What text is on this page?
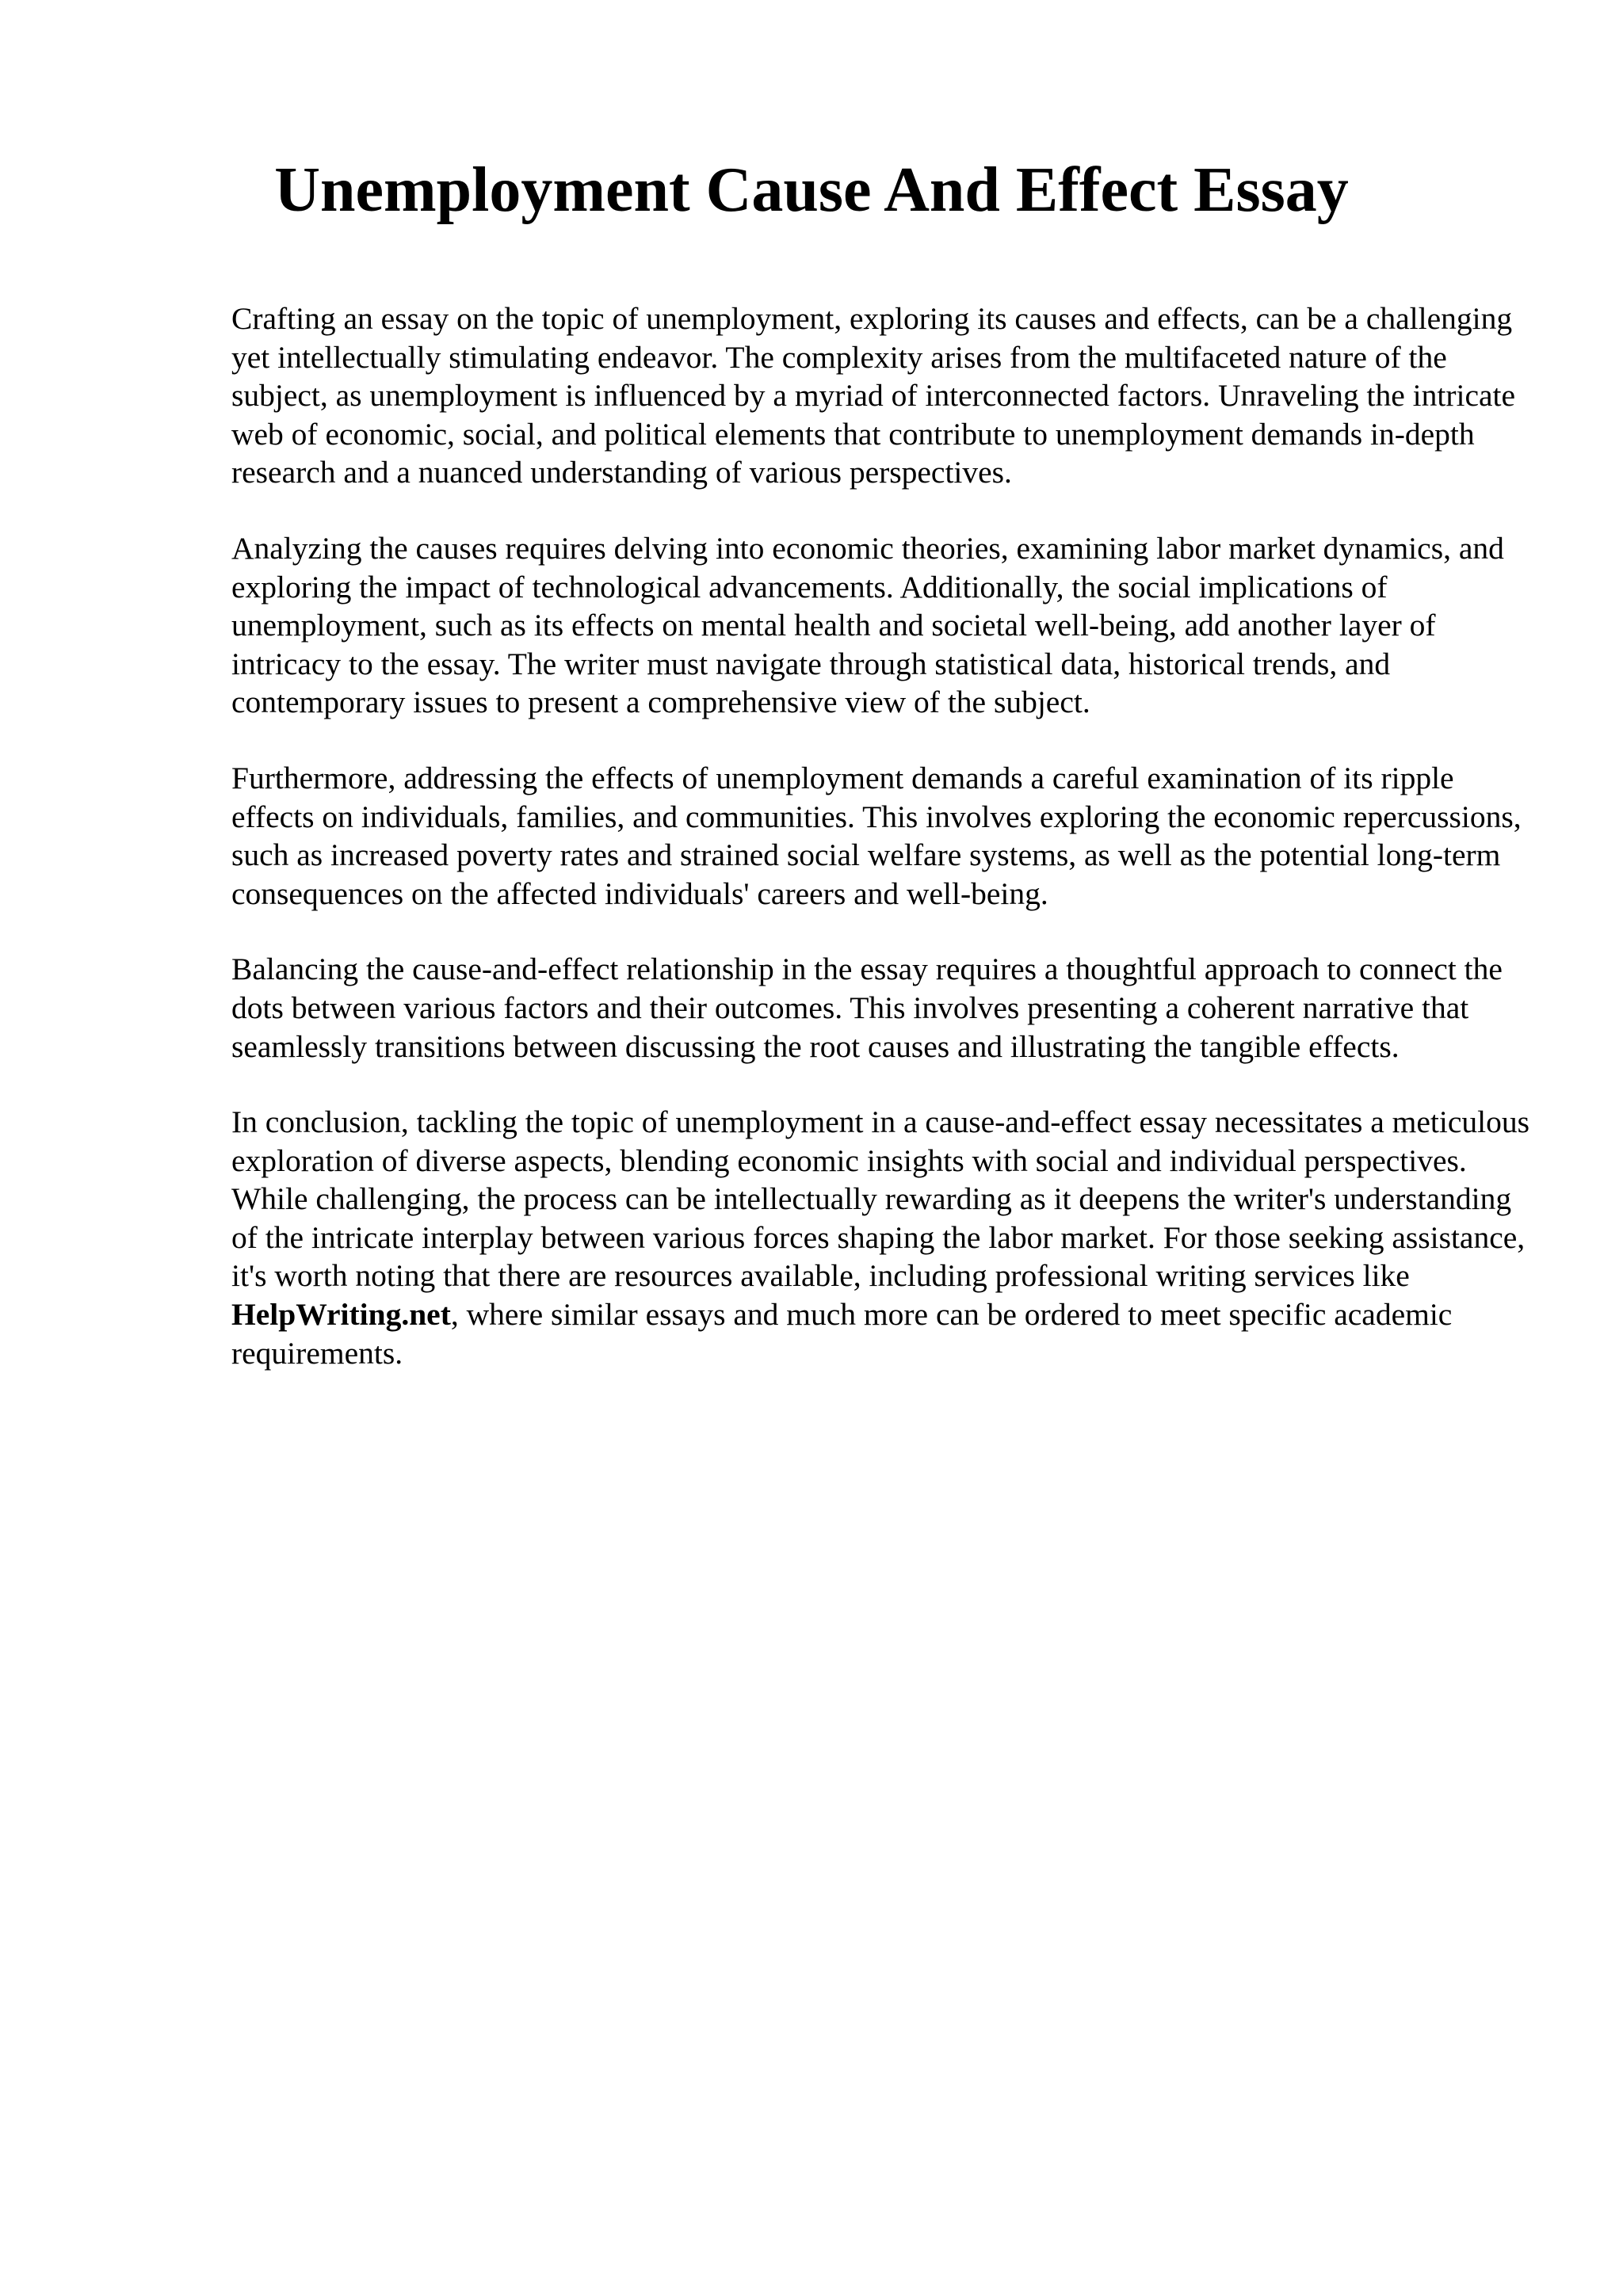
Unemployment Cause And Effect Essay

Crafting an essay on the topic of unemployment, exploring its causes and effects, can be a challenging yet intellectually stimulating endeavor. The complexity arises from the multifaceted nature of the subject, as unemployment is influenced by a myriad of interconnected factors. Unraveling the intricate web of economic, social, and political elements that contribute to unemployment demands in-depth research and a nuanced understanding of various perspectives.

Analyzing the causes requires delving into economic theories, examining labor market dynamics, and exploring the impact of technological advancements. Additionally, the social implications of unemployment, such as its effects on mental health and societal well-being, add another layer of intricacy to the essay. The writer must navigate through statistical data, historical trends, and contemporary issues to present a comprehensive view of the subject.

Furthermore, addressing the effects of unemployment demands a careful examination of its ripple effects on individuals, families, and communities. This involves exploring the economic repercussions, such as increased poverty rates and strained social welfare systems, as well as the potential long-term consequences on the affected individuals' careers and well-being.

Balancing the cause-and-effect relationship in the essay requires a thoughtful approach to connect the dots between various factors and their outcomes. This involves presenting a coherent narrative that seamlessly transitions between discussing the root causes and illustrating the tangible effects.

In conclusion, tackling the topic of unemployment in a cause-and-effect essay necessitates a meticulous exploration of diverse aspects, blending economic insights with social and individual perspectives. While challenging, the process can be intellectually rewarding as it deepens the writer's understanding of the intricate interplay between various forces shaping the labor market. For those seeking assistance, it's worth noting that there are resources available, including professional writing services like HelpWriting.net, where similar essays and much more can be ordered to meet specific academic requirements.
